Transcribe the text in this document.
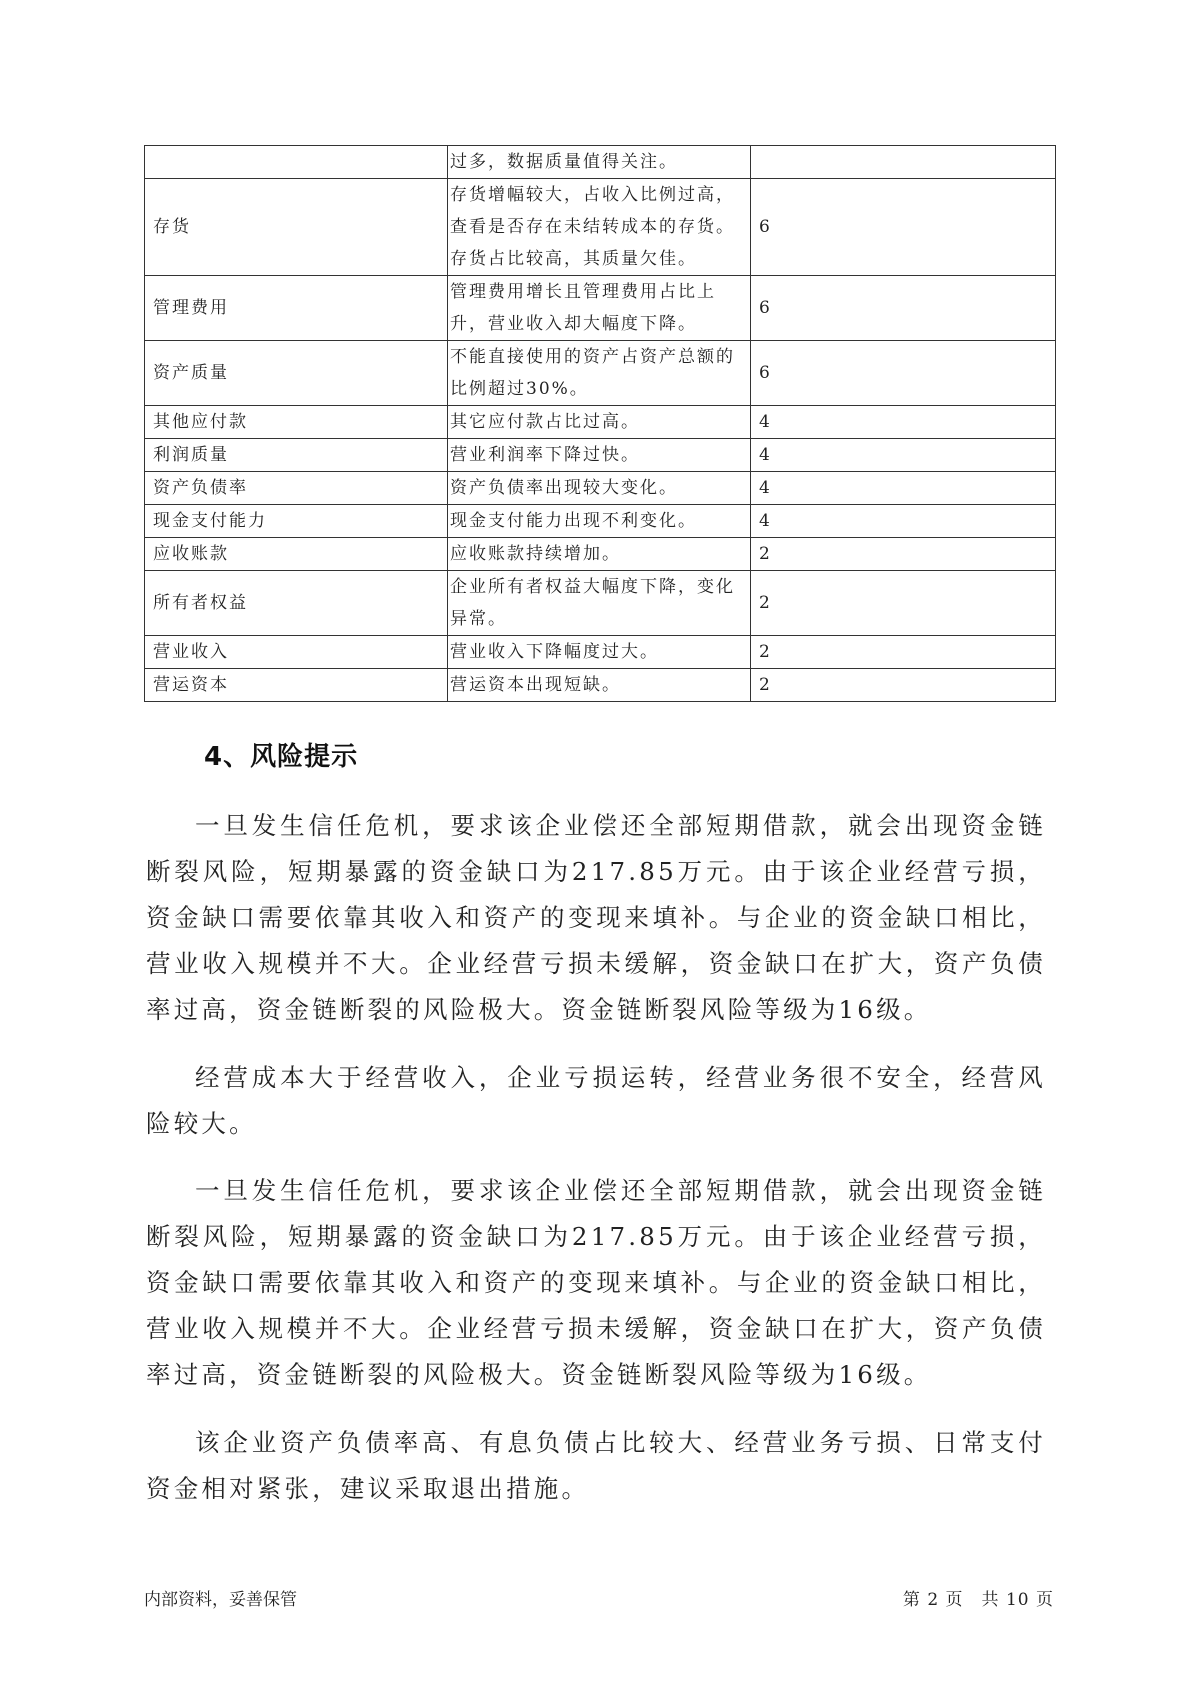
	过多，数据质量值得关注。	
存货	存货增幅较大，占收入比例过高，查看是否存在未结转成本的存货。存货占比较高，其质量欠佳。	6
管理费用	管理费用增长且管理费用占比上升，营业收入却大幅度下降。	6
资产质量	不能直接使用的资产占资产总额的比例超过30%。	6
其他应付款	其它应付款占比过高。	4
利润质量	营业利润率下降过快。	4
资产负债率	资产负债率出现较大变化。	4
现金支付能力	现金支付能力出现不利变化。	4
应收账款	应收账款持续增加。	2
所有者权益	企业所有者权益大幅度下降，变化异常。	2
营业收入	营业收入下降幅度过大。	2
营运资本	营运资本出现短缺。	2
4、风险提示

一旦发生信任危机，要求该企业偿还全部短期借款，就会出现资金链断裂风险，短期暴露的资金缺口为217.85万元。由于该企业经营亏损，资金缺口需要依靠其收入和资产的变现来填补。与企业的资金缺口相比，营业收入规模并不大。企业经营亏损未缓解，资金缺口在扩大，资产负债率过高，资金链断裂的风险极大。资金链断裂风险等级为16级。

经营成本大于经营收入，企业亏损运转，经营业务很不安全，经营风险较大。

一旦发生信任危机，要求该企业偿还全部短期借款，就会出现资金链断裂风险，短期暴露的资金缺口为217.85万元。由于该企业经营亏损，资金缺口需要依靠其收入和资产的变现来填补。与企业的资金缺口相比，营业收入规模并不大。企业经营亏损未缓解，资金缺口在扩大，资产负债率过高，资金链断裂的风险极大。资金链断裂风险等级为16级。

该企业资产负债率高、有息负债占比较大、经营业务亏损、日常支付资金相对紧张，建议采取退出措施。

内部资料，妥善保管	第 2 页　共 10 页
